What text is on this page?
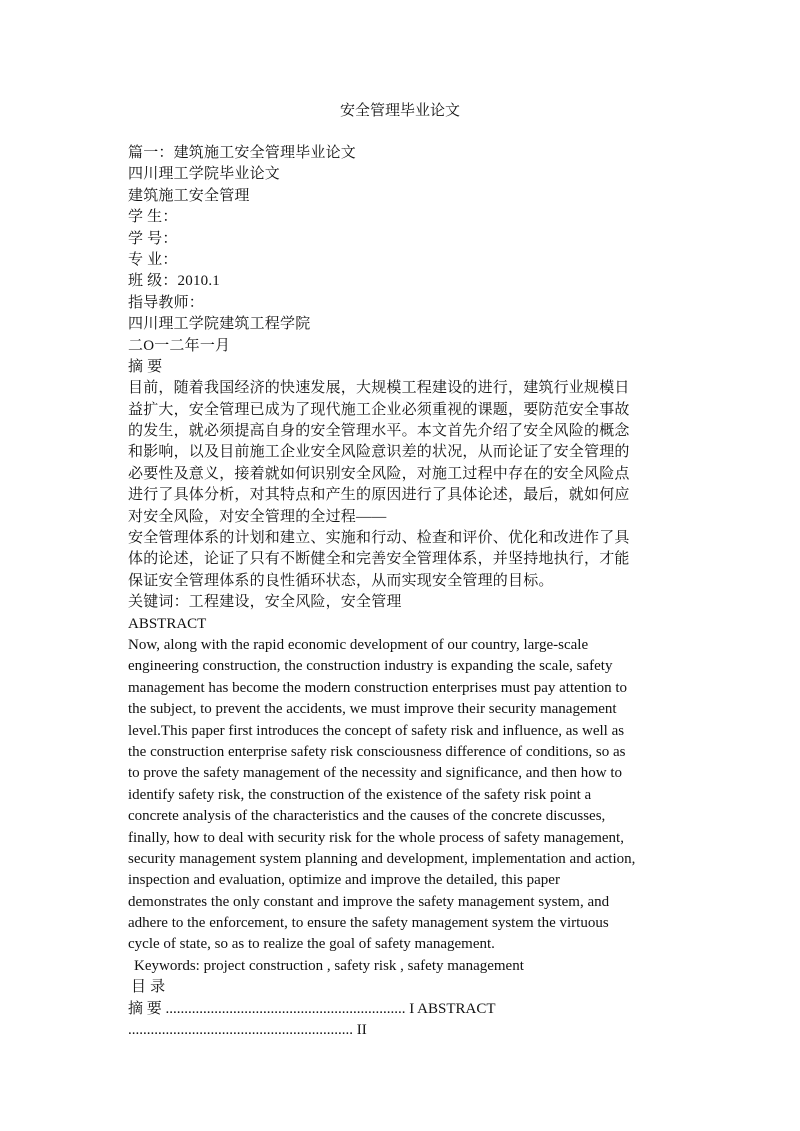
安全管理毕业论文
篇一：建筑施工安全管理毕业论文
四川理工学院毕业论文
建筑施工安全管理
学 生：
学 号：
专 业：
班 级：2010.1
指导教师：
四川理工学院建筑工程学院
二O一二年一月
摘 要
目前，随着我国经济的快速发展，大规模工程建设的进行，建筑行业规模日
益扩大，安全管理已成为了现代施工企业必须重视的课题，要防范安全事故
的发生，就必须提高自身的安全管理水平。本文首先介绍了安全风险的概念
和影响，以及目前施工企业安全风险意识差的状况，从而论证了安全管理的
必要性及意义，接着就如何识别安全风险，对施工过程中存在的安全风险点
进行了具体分析，对其特点和产生的原因进行了具体论述，最后，就如何应
对安全风险，对安全管理的全过程——
安全管理体系的计划和建立、实施和行动、检查和评价、优化和改进作了具
体的论述，论证了只有不断健全和完善安全管理体系，并坚持地执行，才能
保证安全管理体系的良性循环状态，从而实现安全管理的目标。
关键词：工程建设，安全风险，安全管理
ABSTRACT
Now, along with the rapid economic development of our country, large-scale
engineering construction, the construction industry is expanding the scale, safety
management has become the modern construction enterprises must pay attention to
the subject, to prevent the accidents, we must improve their security management
level.This paper first introduces the concept of safety risk and influence, as well as
the construction enterprise safety risk consciousness difference of conditions, so as
to prove the safety management of the necessity and significance, and then how to
identify safety risk, the construction of the existence of the safety risk point a
concrete analysis of the characteristics and the causes of the concrete discusses,
finally, how to deal with security risk for the whole process of safety management,
security management system planning and development, implementation and action,
inspection and evaluation, optimize and improve the detailed, this paper
demonstrates the only constant and improve the safety management system, and
adhere to the enforcement, to ensure the safety management system the virtuous
cycle of state, so as to realize the goal of safety management.
Keywords: project construction , safety risk , safety management
目 录
摘 要 ................................................................ I ABSTRACT
............................................................ II
